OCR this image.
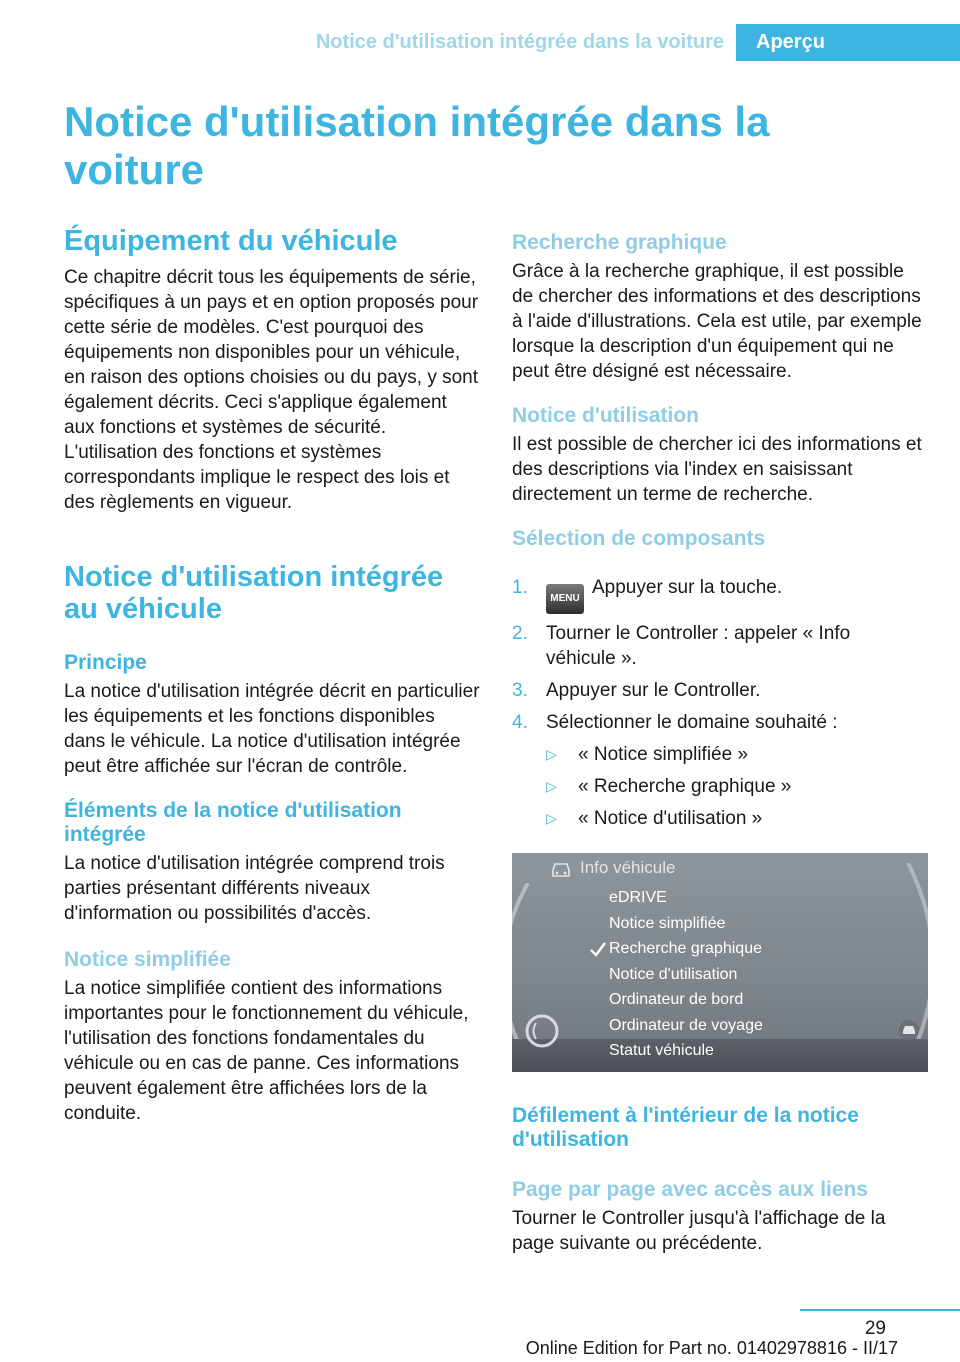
Notice d'utilisation intégrée dans la voiture	Aperçu
Notice d'utilisation intégrée dans la voiture
Équipement du véhicule

Ce chapitre décrit tous les équipements de série, spécifiques à un pays et en option proposés pour cette série de modèles. C'est pourquoi des équipements non disponibles pour un véhicule, en raison des options choisies ou du pays, y sont également décrits. Ceci s'applique également aux fonctions et systèmes de sécurité. L'utilisation des fonctions et systèmes correspondants implique le respect des lois et des règlements en vigueur.

Notice d'utilisation intégrée au véhicule
Principe

La notice d'utilisation intégrée décrit en particulier les équipements et les fonctions disponibles dans le véhicule. La notice d'utilisation intégrée peut être affichée sur l'écran de contrôle.

Éléments de la notice d'utilisation intégrée

La notice d'utilisation intégrée comprend trois parties présentant différents niveaux d'information ou possibilités d'accès.

Notice simplifiée

La notice simplifiée contient des informations importantes pour le fonctionnement du véhicule, l'utilisation des fonctions fondamentales du véhicule ou en cas de panne. Ces informations peuvent également être affichées lors de la conduite.

Recherche graphique

Grâce à la recherche graphique, il est possible de chercher des informations et des descriptions à l'aide d'illustrations. Cela est utile, par exemple lorsque la description d'un équipement qui ne peut être désigné est nécessaire.

Notice d'utilisation

Il est possible de chercher ici des informations et des descriptions via l'index en saisissant directement un terme de recherche.

Sélection de composants
1.
MENUAppuyer sur la touche.
2. Tourner le Controller : appeler « Info véhicule ».
3. Appuyer sur le Controller.
4. Sélectionner le domaine souhaité :
▷ « Notice simplifiée »
▷ « Recherche graphique »
▷ « Notice d'utilisation »
Info véhicule
eDRIVE
Notice simplifiée
Recherche graphique
Notice d'utilisation
Ordinateur de bord
Ordinateur de voyage
Statut véhicule
Défilement à l'intérieur de la notice d'utilisation
Page par page avec accès aux liens

Tourner le Controller jusqu'à l'affichage de la page suivante ou précédente.

29
Online Edition for Part no. 01402978816 - II/17
